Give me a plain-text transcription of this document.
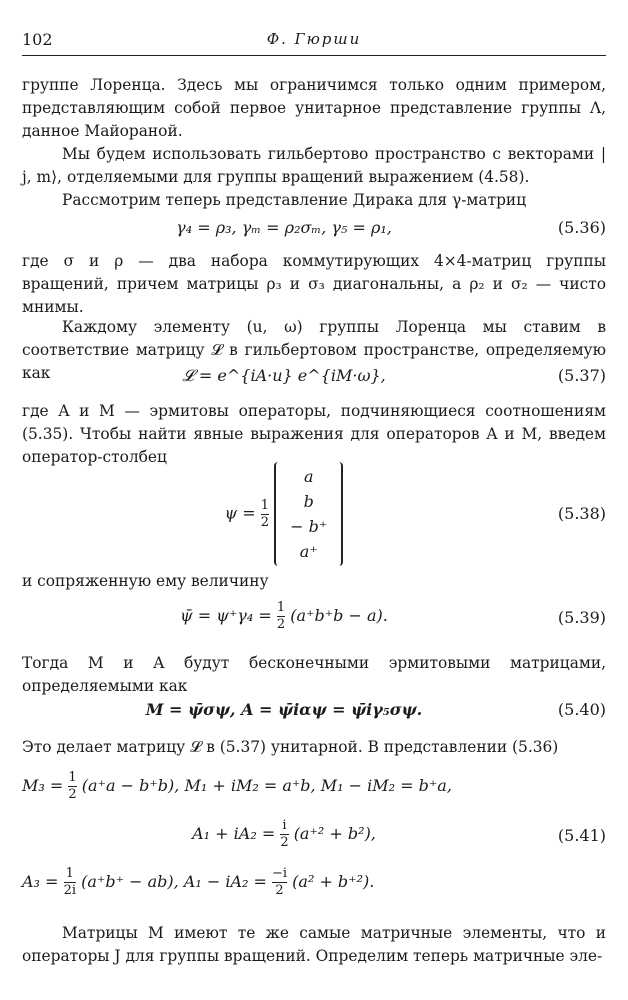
102	Ф. Гюрши
группе Лоренца. Здесь мы ограничимся только одним примером, представляющим собой первое унитарное представление группы Λ, данное Майораной.
Мы будем использовать гильбертово пространство с векторами | j, m⟩, отделяемыми для группы вращений выражением (4.58).
Рассмотрим теперь представление Дирака для γ-матриц
γ₄ = ρ₃, γₘ = ρ₂σₘ, γ₅ = ρ₁,	(5.36)
где σ и ρ — два набора коммутирующих 4×4-матриц группы вращений, причем матрицы ρ₃ и σ₃ диагональны, а ρ₂ и σ₂ — чисто мнимы.
Каждому элементу (u, ω) группы Лоренца мы ставим в соответствие матрицу 𝓛 в гильбертовом пространстве, определяемую как	𝓛 = e^{iA·u} e^{iM·ω},	(5.37)
где A и M — эрмитовы операторы, подчиняющиеся соотношениям (5.35). Чтобы найти явные выражения для операторов A и M, введем оператор-столбец
$\psi = \frac{1}{2}$

a
b
− b⁺
a⁺
(5.38)
и сопряженную ему величину
ψ̄ = $\psi^+\gamma_4 = \frac{1}{2} (a^+b^+b - a)$.	(5.39)
Тогда M и A будут бесконечными эрмитовыми матрицами, определяемыми как
M = ψ̄σψ, A = ψ̄iαψ = ψ̄iγ₅σψ.	(5.40)
Это делает матрицу 𝓛 в (5.37) унитарной. В представлении (5.36)
$M_3 = \frac{1}{2} (a^+a - b^+b)$, M₁ + iM₂ = a⁺b, M₁ − iM₂ = b⁺a,
$A_1 + iA_2 = \frac{i}{2} (a^{+2} + b^2)$,	(5.41)
$A_3 = \frac{1}{2i} (a^+b^+ - ab)$, $A_1 - iA_2 = \frac{-i}{2} (a^2 + b^{+2})$.
Матрицы M имеют те же самые матричные элементы, что и операторы J для группы вращений. Определим теперь матричные эле-
